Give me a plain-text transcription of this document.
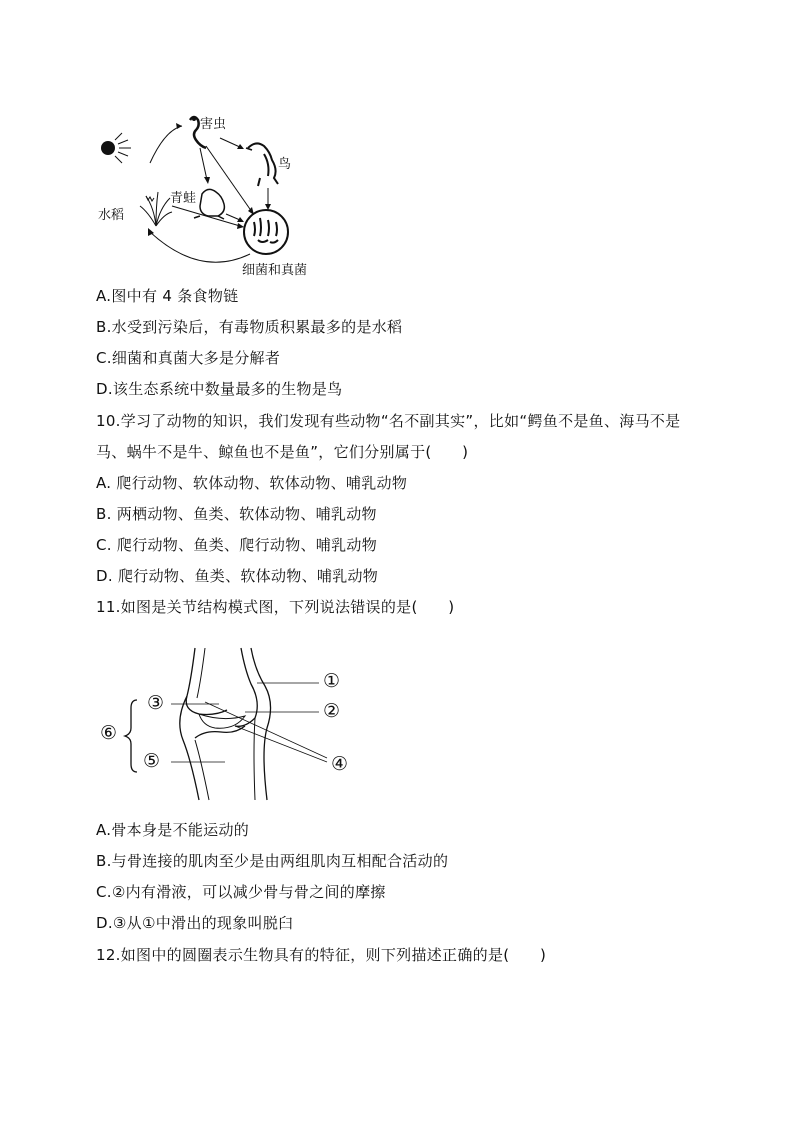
害虫
鸟
青蛙
水稻
细菌和真菌
A.图中有 4 条食物链
B.水受到污染后，有毒物质积累最多的是水稻
C.细菌和真菌大多是分解者
D.该生态系统中数量最多的生物是鸟
10.学习了动物的知识，我们发现有些动物“名不副其实”，比如“鳄鱼不是鱼、海马不是
马、蜗牛不是牛、鲸鱼也不是鱼”，它们分别属于(　　)
A. 爬行动物、软体动物、软体动物、哺乳动物
B. 两栖动物、鱼类、软体动物、哺乳动物
C. 爬行动物、鱼类、爬行动物、哺乳动物
D. 爬行动物、鱼类、软体动物、哺乳动物
11.如图是关节结构模式图，下列说法错误的是(　　)
①
②
③
④
⑤
⑥
A.骨本身是不能运动的
B.与骨连接的肌肉至少是由两组肌肉互相配合活动的
C.②内有滑液，可以减少骨与骨之间的摩擦
D.③从①中滑出的现象叫脱臼
12.如图中的圆圈表示生物具有的特征，则下列描述正确的是(　　)
